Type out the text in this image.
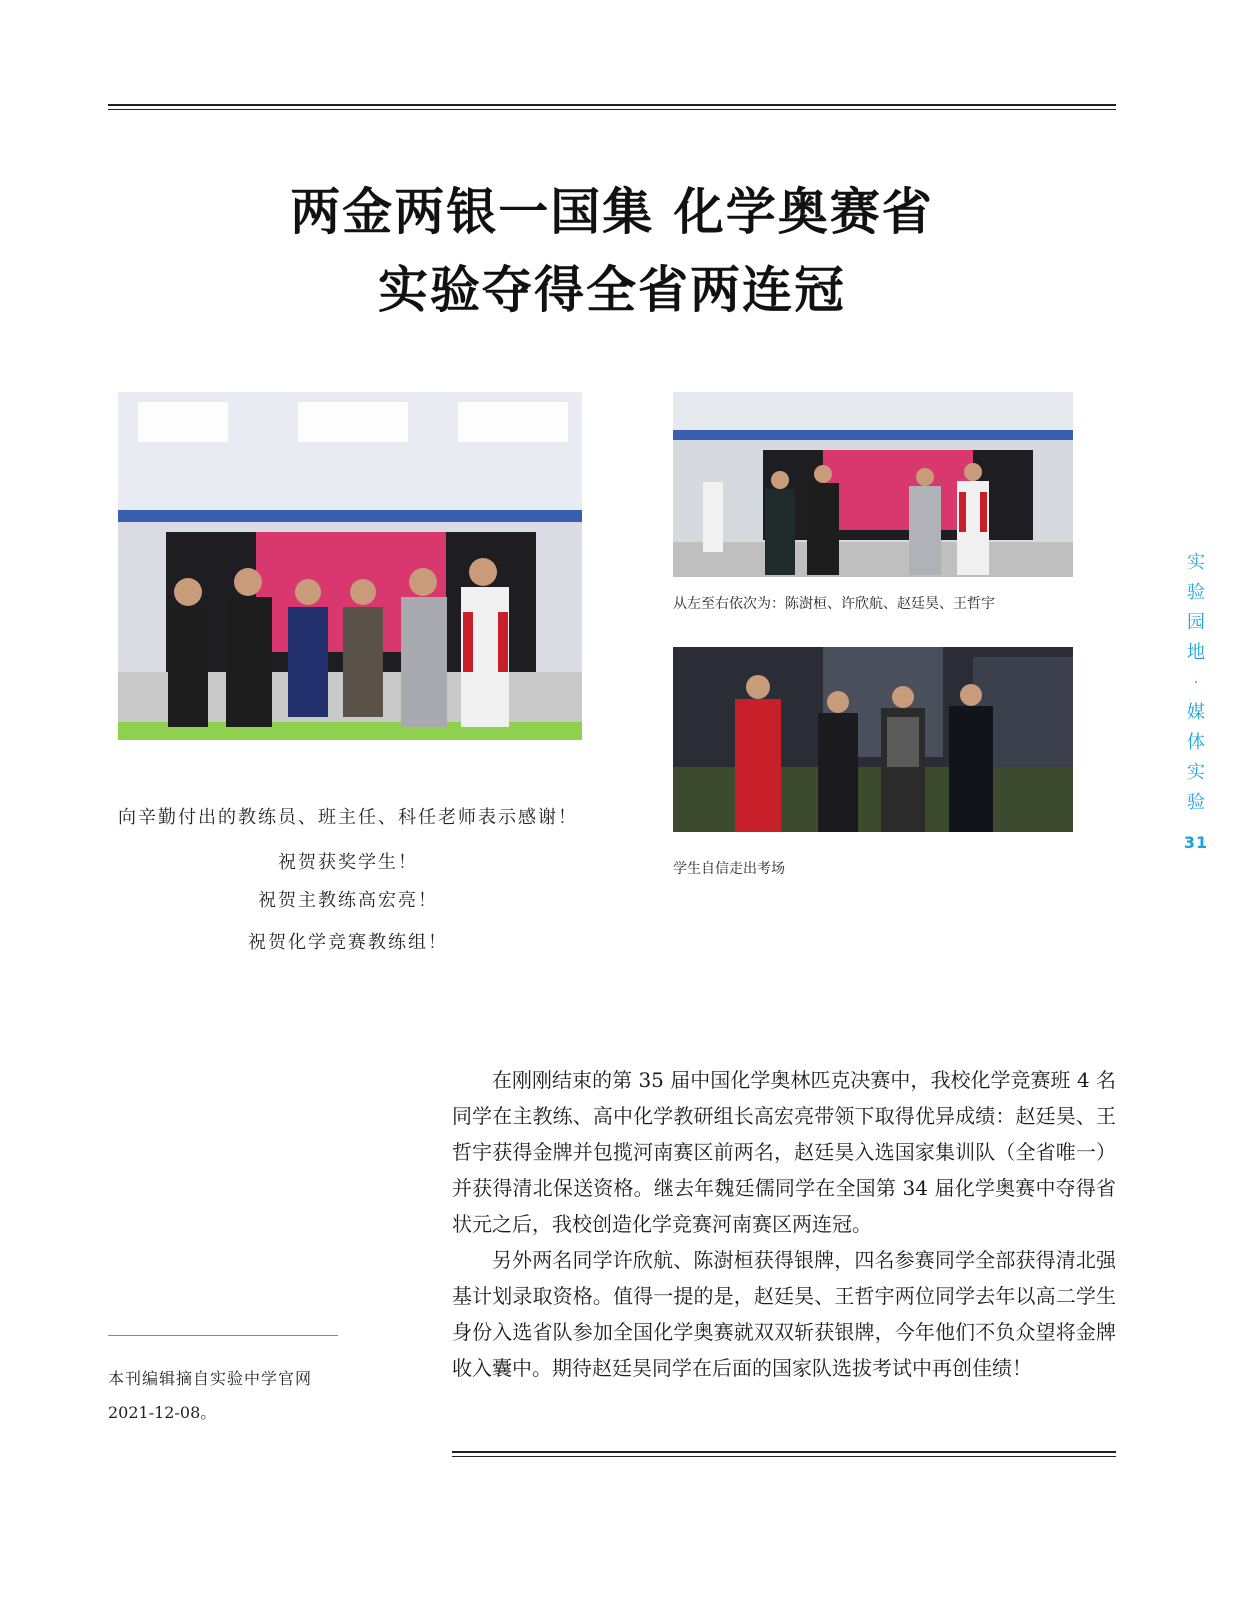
两金两银一国集 化学奥赛省
实验夺得全省两连冠
从左至右依次为：陈澍桓、许欣航、赵廷昊、王哲宇
学生自信走出考场
向辛勤付出的教练员、班主任、科任老师表示感谢！
祝贺获奖学生！
祝贺主教练高宏亮！
祝贺化学竞赛教练组！
实
验
园
地
·
媒
体
实
验
31

在刚刚结束的第 35 届中国化学奥林匹克决赛中，我校化学竞赛班 4 名同学在主教练、高中化学教研组长高宏亮带领下取得优异成绩：赵廷昊、王哲宇获得金牌并包揽河南赛区前两名，赵廷昊入选国家集训队（全省唯一）并获得清北保送资格。继去年魏廷儒同学在全国第 34 届化学奥赛中夺得省状元之后，我校创造化学竞赛河南赛区两连冠。

另外两名同学许欣航、陈澍桓获得银牌，四名参赛同学全部获得清北强基计划录取资格。值得一提的是，赵廷昊、王哲宇两位同学去年以高二学生身份入选省队参加全国化学奥赛就双双斩获银牌，今年他们不负众望将金牌收入囊中。期待赵廷昊同学在后面的国家队选拔考试中再创佳绩！

本刊编辑摘自实验中学官网
2021-12-08。
